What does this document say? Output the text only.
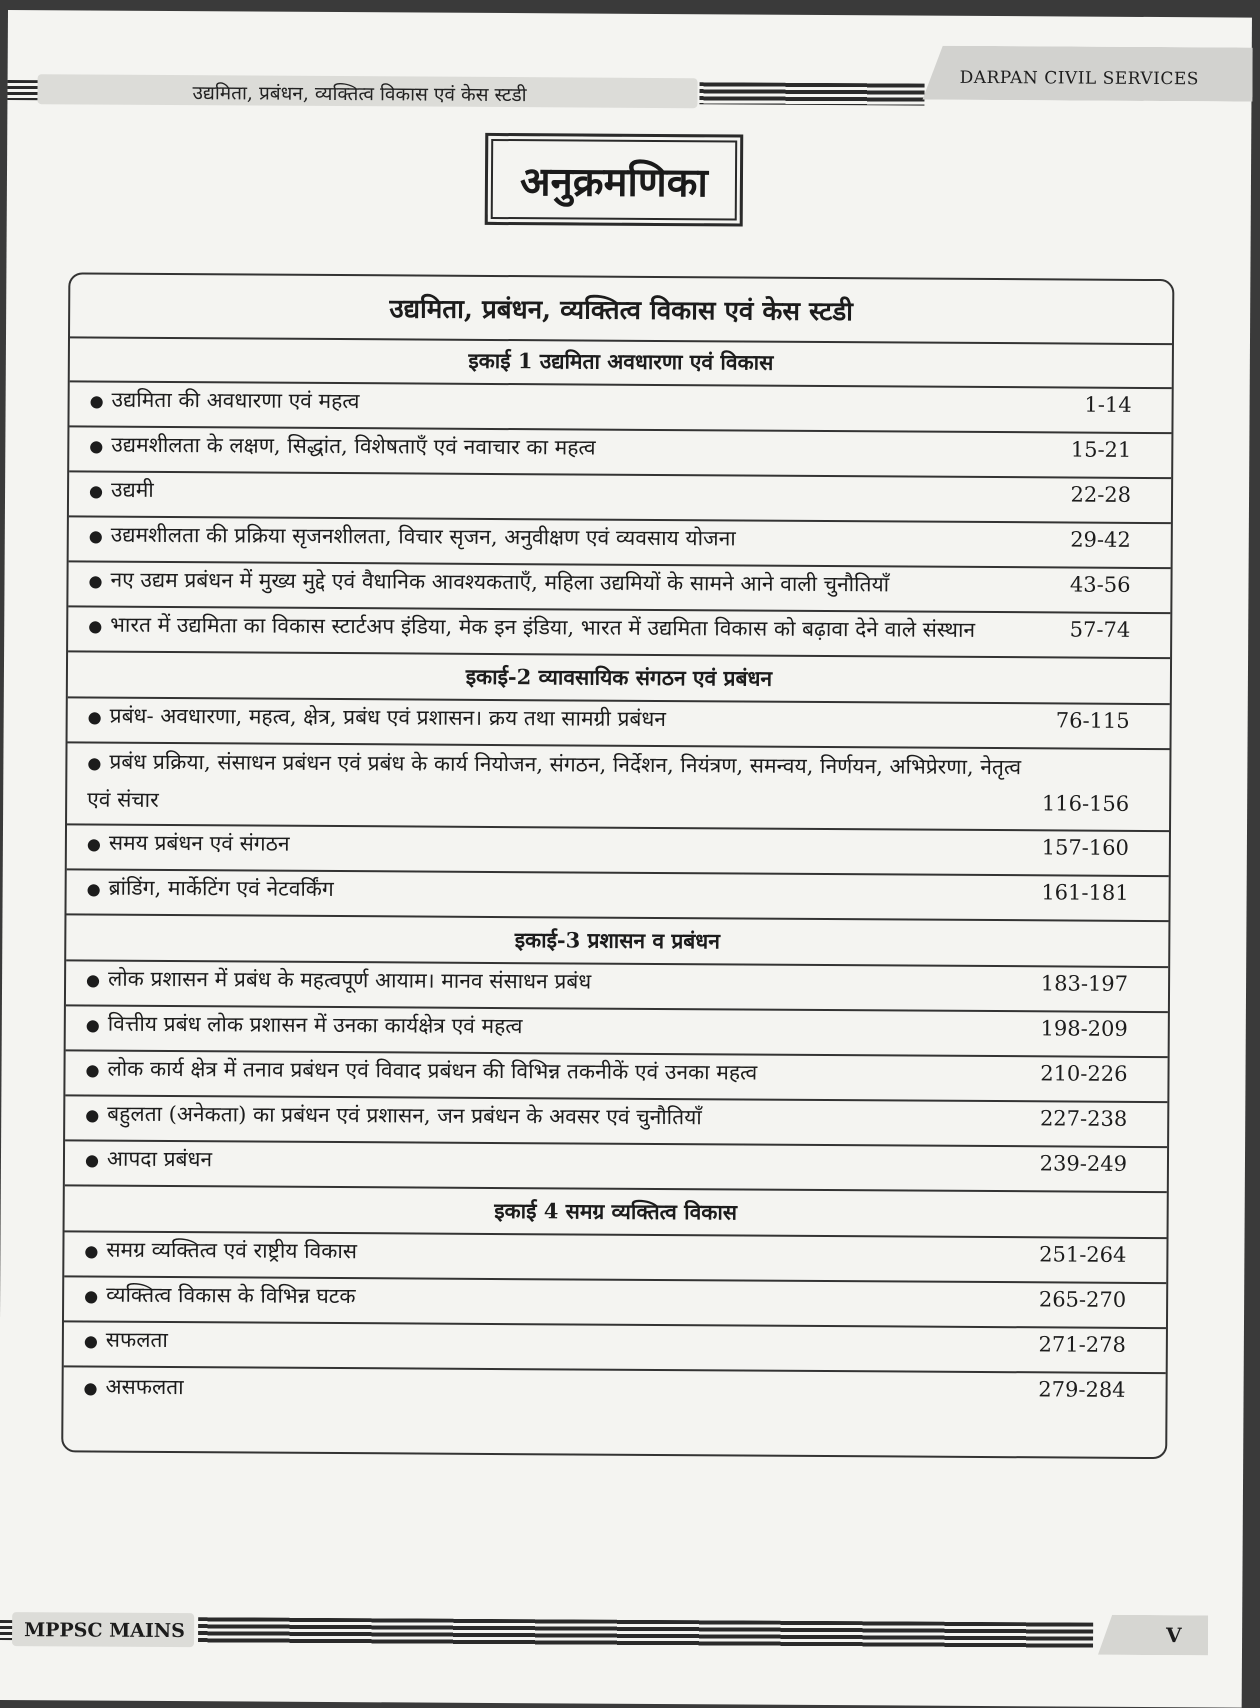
उद्यमिता, प्रबंधन, व्यक्तित्व विकास एवं केस स्टडी
DARPAN CIVIL SERVICES
अनुक्रमणिका
उद्यमिता, प्रबंधन, व्यक्तित्व विकास एवं केस स्टडी
इकाई 1 उद्यमिता अवधारणा एवं विकास
● उद्यमिता की अवधारणा एवं महत्व	1-14
● उद्यमशीलता के लक्षण, सिद्धांत, विशेषताएँ एवं नवाचार का महत्व	15-21
● उद्यमी	22-28
● उद्यमशीलता की प्रक्रिया सृजनशीलता, विचार सृजन, अनुवीक्षण एवं व्यवसाय योजना	29-42
● नए उद्यम प्रबंधन में मुख्य मुद्दे एवं वैधानिक आवश्यकताएँ, महिला उद्यमियों के सामने आने वाली चुनौतियाँ	43-56
● भारत में उद्यमिता का विकास स्टार्टअप इंडिया, मेक इन इंडिया, भारत में उद्यमिता विकास को बढ़ावा देने वाले संस्थान	57-74
इकाई-2 व्यावसायिक संगठन एवं प्रबंधन
● प्रबंध- अवधारणा, महत्व, क्षेत्र, प्रबंध एवं प्रशासन। क्रय तथा सामग्री प्रबंधन	76-115
● प्रबंध प्रक्रिया, संसाधन प्रबंधन एवं प्रबंध के कार्य नियोजन, संगठन, निर्देशन, नियंत्रण, समन्वय, निर्णयन, अभिप्रेरणा, नेतृत्व एवं संचार	116-156
● समय प्रबंधन एवं संगठन	157-160
● ब्रांडिंग, मार्केटिंग एवं नेटवर्किंग	161-181
इकाई-3 प्रशासन व प्रबंधन
● लोक प्रशासन में प्रबंध के महत्वपूर्ण आयाम। मानव संसाधन प्रबंध	183-197
● वित्तीय प्रबंध लोक प्रशासन में उनका कार्यक्षेत्र एवं महत्व	198-209
● लोक कार्य क्षेत्र में तनाव प्रबंधन एवं विवाद प्रबंधन की विभिन्न तकनीकें एवं उनका महत्व	210-226
● बहुलता (अनेकता) का प्रबंधन एवं प्रशासन, जन प्रबंधन के अवसर एवं चुनौतियाँ	227-238
● आपदा प्रबंधन	239-249
इकाई 4 समग्र व्यक्तित्व विकास
● समग्र व्यक्तित्व एवं राष्ट्रीय विकास	251-264
● व्यक्तित्व विकास के विभिन्न घटक	265-270
● सफलता	271-278
● असफलता	279-284
MPPSC MAINS	V
